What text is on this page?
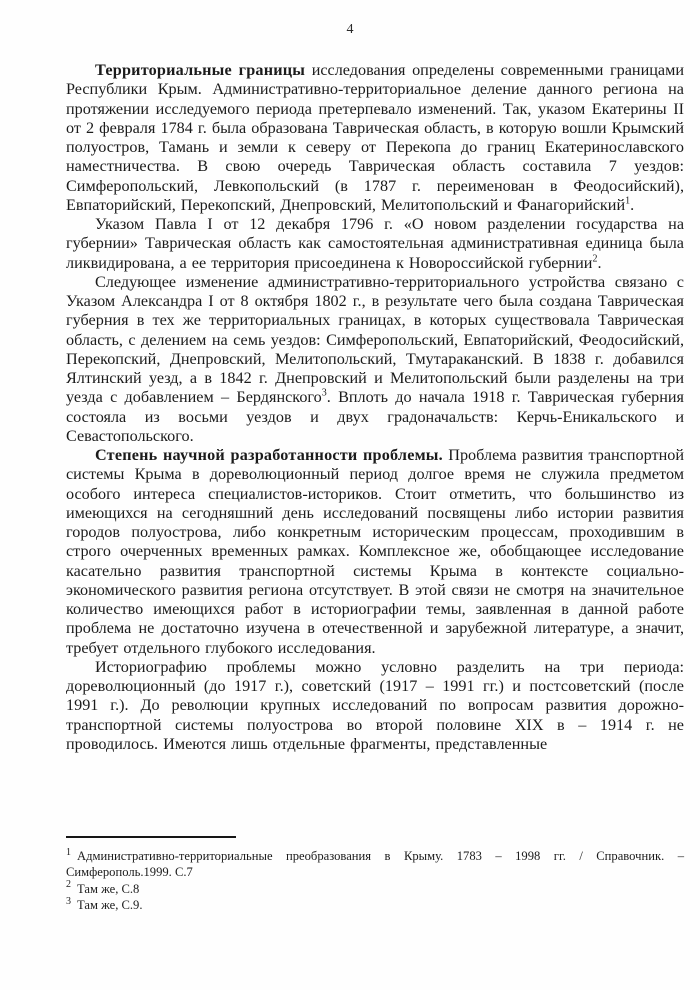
4

Территориальные границы исследования определены современными границами Республики Крым. Административно-территориальное деление данного региона на протяжении исследуемого периода претерпевало изменений. Так, указом Екатерины II от 2 февраля 1784 г. была образована Таврическая область, в которую вошли Крымский полуостров, Тамань и земли к северу от Перекопа до границ Екатеринославского наместничества. В свою очередь Таврическая область составила 7 уездов: Симферопольский, Левкопольский (в 1787 г. переименован в Феодосийский), Евпаторийский, Перекопский, Днепровский, Мелитопольский и Фанагорийский$^1$.

Указом Павла I от 12 декабря 1796 г. «О новом разделении государства на губернии» Таврическая область как самостоятельная административная единица была ликвидирована, а ее территория присоединена к Новороссийской губернии$^2$.

Следующее изменение административно-территориального устройства связано с Указом Александра I от 8 октября 1802 г., в результате чего была создана Таврическая губерния в тех же территориальных границах, в которых существовала Таврическая область, с делением на семь уездов: Симферопольский, Евпаторийский, Феодосийский, Перекопский, Днепровский, Мелитопольский, Тмутараканский. В 1838 г. добавился Ялтинский уезд, а в 1842 г. Днепровский и Мелитопольский были разделены на три уезда с добавлением – Бердянского$^3$. Вплоть до начала 1918 г. Таврическая губерния состояла из восьми уездов и двух градоначальств: Керчь-Еникальского и Севастопольского.

Степень научной разработанности проблемы. Проблема развития транспортной системы Крыма в дореволюционный период долгое время не служила предметом особого интереса специалистов-историков. Стоит отметить, что большинство из имеющихся на сегодняшний день исследований посвящены либо истории развития городов полуострова, либо конкретным историческим процессам, проходившим в строго очерченных временных рамках. Комплексное же, обобщающее исследование касательно развития транспортной системы Крыма в контексте социально-экономического развития региона отсутствует. В этой связи не смотря на значительное количество имеющихся работ в историографии темы, заявленная в данной работе проблема не достаточно изучена в отечественной и зарубежной литературе, а значит, требует отдельного глубокого исследования.

Историографию проблемы можно условно разделить на три периода: дореволюционный (до 1917 г.), советский (1917 – 1991 гг.) и постсоветский (после 1991 г.). До революции крупных исследований по вопросам развития дорожно-транспортной системы полуострова во второй половине XIX в – 1914 г. не проводилось. Имеются лишь отдельные фрагменты, представленные

$^1$ Административно-территориальные преобразования в Крыму. 1783 – 1998 гг. / Справочник. – Симферополь.1999. С.7

$^2$ Там же, С.8

$^3$ Там же, С.9.
